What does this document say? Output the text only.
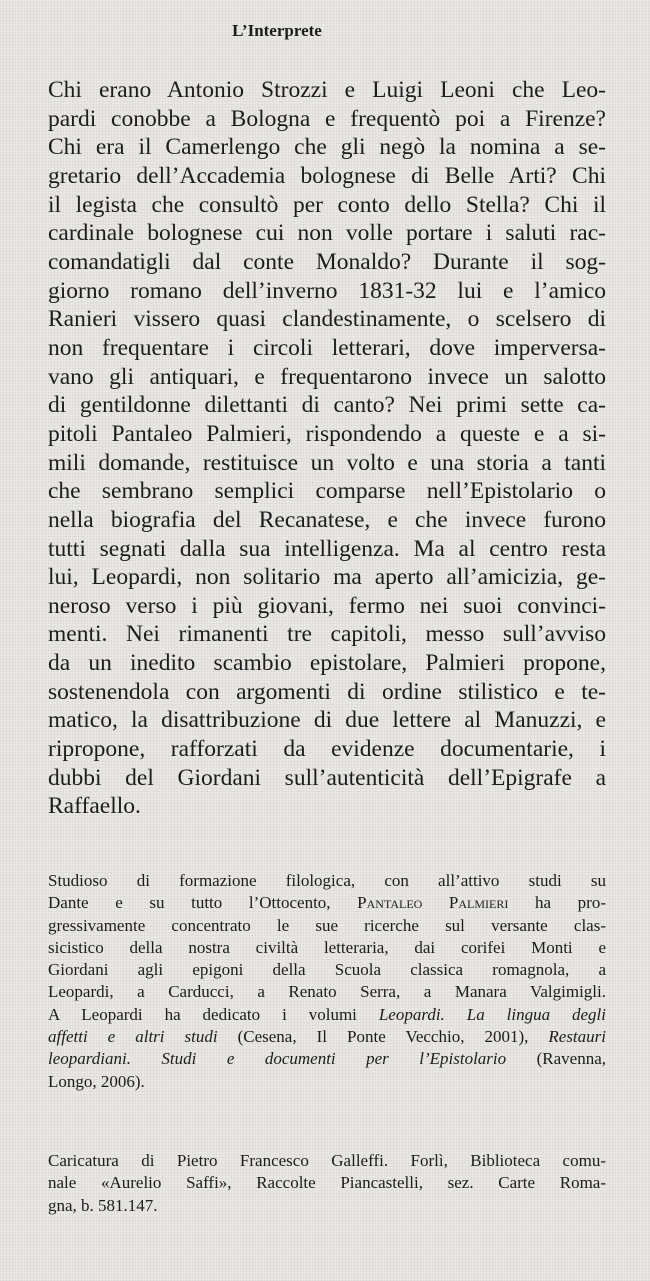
L’Interprete
Chi erano Antonio Strozzi e Luigi Leoni che Leo-
pardi conobbe a Bologna e frequentò poi a Firenze?
Chi era il Camerlengo che gli negò la nomina a se-
gretario dell’Accademia bolognese di Belle Arti? Chi
il legista che consultò per conto dello Stella? Chi il
cardinale bolognese cui non volle portare i saluti rac-
comandatigli dal conte Monaldo? Durante il sog-
giorno romano dell’inverno 1831-32 lui e l’amico
Ranieri vissero quasi clandestinamente, o scelsero di
non frequentare i circoli letterari, dove imperversa-
vano gli antiquari, e frequentarono invece un salotto
di gentildonne dilettanti di canto? Nei primi sette ca-
pitoli Pantaleo Palmieri, rispondendo a queste e a si-
mili domande, restituisce un volto e una storia a tanti
che sembrano semplici comparse nell’Epistolario o
nella biografia del Recanatese, e che invece furono
tutti segnati dalla sua intelligenza. Ma al centro resta
lui, Leopardi, non solitario ma aperto all’amicizia, ge-
neroso verso i più giovani, fermo nei suoi convinci-
menti. Nei rimanenti tre capitoli, messo sull’avviso
da un inedito scambio epistolare, Palmieri propone,
sostenendola con argomenti di ordine stilistico e te-
matico, la disattribuzione di due lettere al Manuzzi, e
ripropone, rafforzati da evidenze documentarie, i
dubbi del Giordani sull’autenticità dell’Epigrafe a
Raffaello.
Studioso di formazione filologica, con all’attivo studi su
Dante e su tutto l’Ottocento, Pantaleo Palmieri ha pro-
gressivamente concentrato le sue ricerche sul versante clas-
sicistico della nostra civiltà letteraria, dai corifei Monti e
Giordani agli epigoni della Scuola classica romagnola, a
Leopardi, a Carducci, a Renato Serra, a Manara Valgimigli.
A Leopardi ha dedicato i volumi Leopardi. La lingua degli
affetti e altri studi (Cesena, Il Ponte Vecchio, 2001), Restauri
leopardiani. Studi e documenti per l’Epistolario (Ravenna,
Longo, 2006).
Caricatura di Pietro Francesco Galleffi. Forlì, Biblioteca comu-
nale «Aurelio Saffi», Raccolte Piancastelli, sez. Carte Roma-
gna, b. 581.147.
